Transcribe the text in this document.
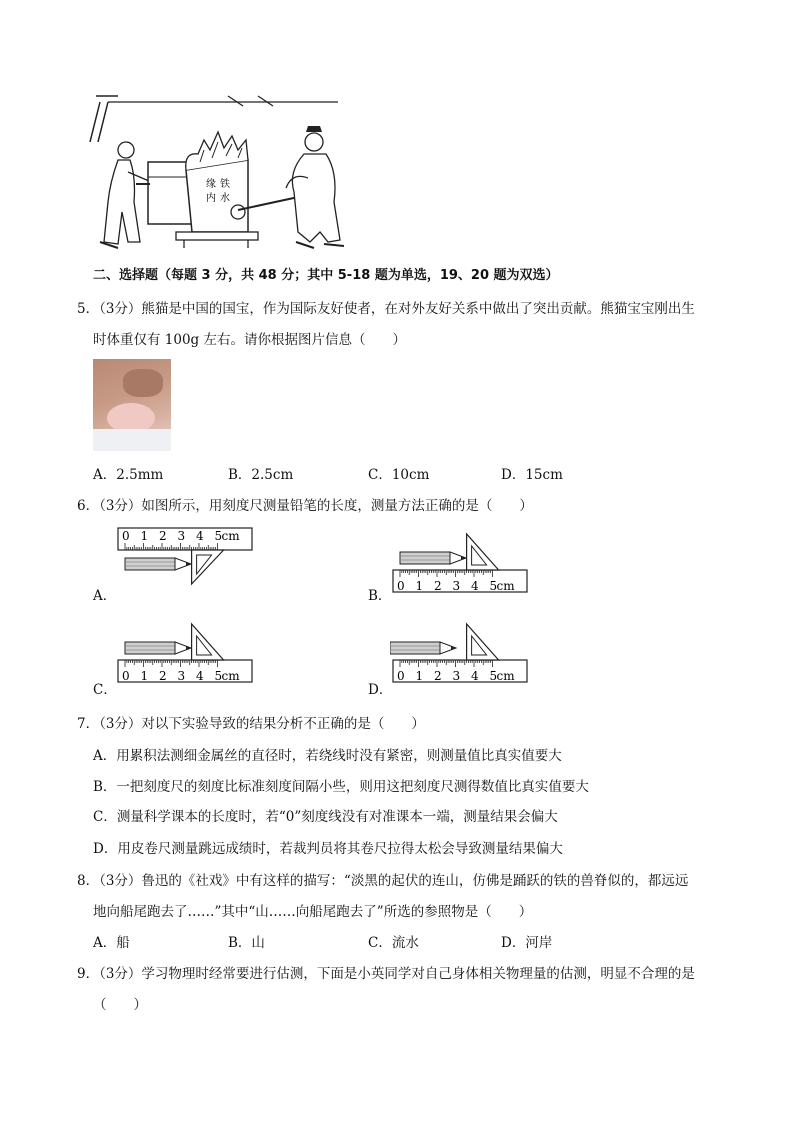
缘 铁
内 水
二、选择题（每题 3 分，共 48 分；其中 5-18 题为单选，19、20 题为双选）
5．（3分）熊猫是中国的国宝，作为国际友好使者，在对外友好关系中做出了突出贡献。熊猫宝宝刚出生
时体重仅有 100g 左右。请你根据图片信息（　　）
A．2.5mm	B．2.5cm	C．10cm	D．15cm
6．（3分）如图所示，用刻度尺测量铅笔的长度，测量方法正确的是（　　）
A．	B．
C．	D．
0 1 2 3 4 5 cm
0 1 2 3 4 5 cm
0 1 2 3 4 5 cm	0 1 2 3 4 5 cm
7．（3分）对以下实验导致的结果分析不正确的是（　　）
A．用累积法测细金属丝的直径时，若绕线时没有紧密，则测量值比真实值要大
B．一把刻度尺的刻度比标准刻度间隔小些，则用这把刻度尺测得数值比真实值要大
C．测量科学课本的长度时，若“0”刻度线没有对准课本一端，测量结果会偏大
D．用皮卷尺测量跳远成绩时，若裁判员将其卷尺拉得太松会导致测量结果偏大
8．（3分）鲁迅的《社戏》中有这样的描写：“淡黑的起伏的连山，仿佛是踊跃的铁的兽脊似的，都远远
地向船尾跑去了……”其中“山……向船尾跑去了”所选的参照物是（　　）
A．船	B．山	C．流水	D．河岸
9．（3分）学习物理时经常要进行估测，下面是小英同学对自己身体相关物理量的估测，明显不合理的是
（　　）
